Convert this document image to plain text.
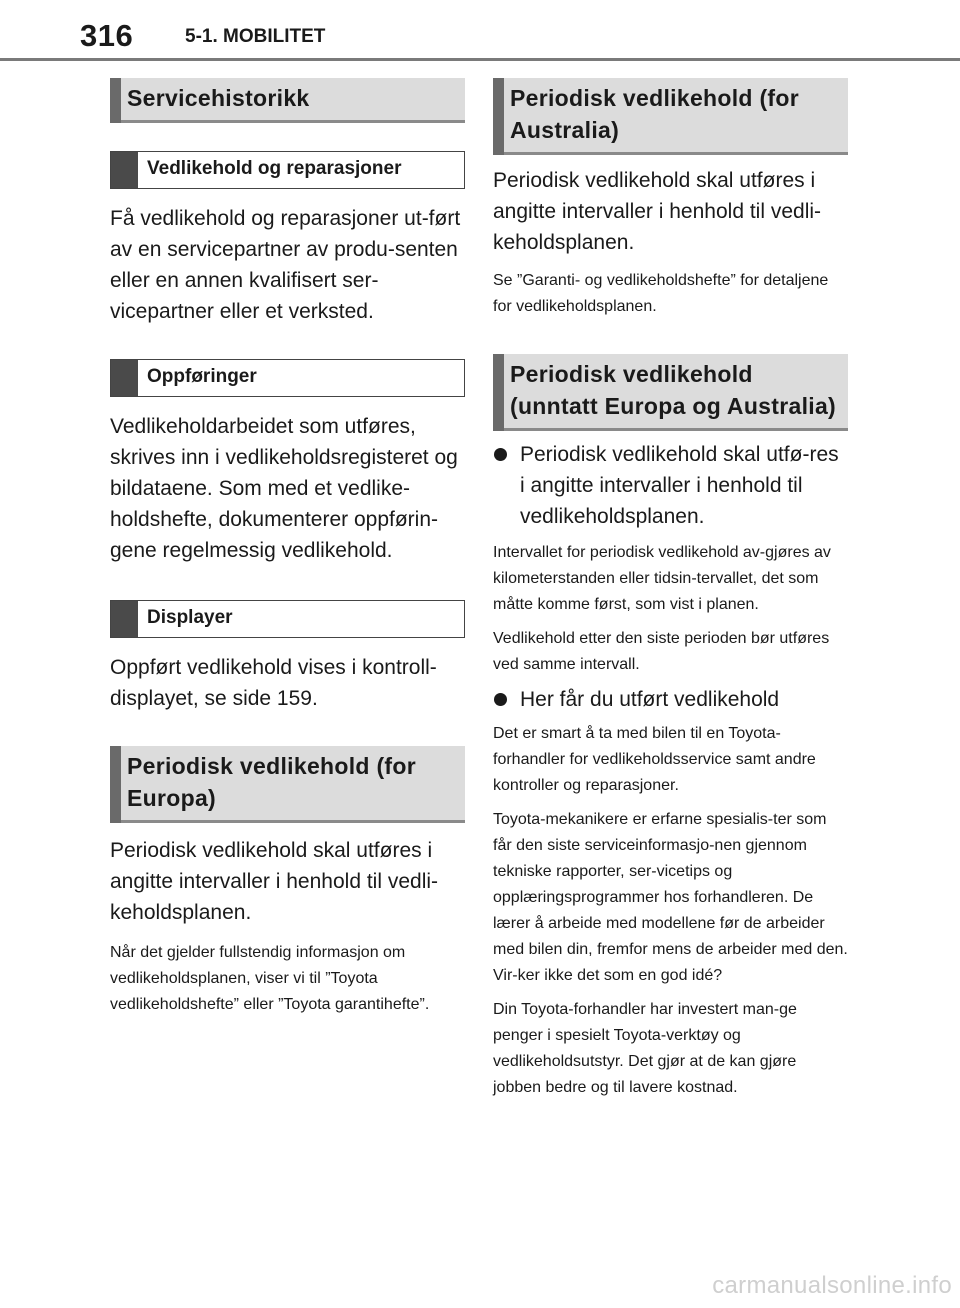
316	5-1. MOBILITET
Servicehistorikk
Vedlikehold og reparasjoner

Få vedlikehold og reparasjoner ut-ført av en servicepartner av produ-senten eller en annen kvalifisert ser-vicepartner eller et verksted.

Oppføringer

Vedlikeholdarbeidet som utføres, skrives inn i vedlikeholdsregisteret og bildataene. Som med et vedlike-holdshefte, dokumenterer oppførin-gene regelmessig vedlikehold.

Displayer

Oppført vedlikehold vises i kontroll-displayet, se side 159.

Periodisk vedlikehold (for Europa)

Periodisk vedlikehold skal utføres i angitte intervaller i henhold til vedli-keholdsplanen.

Når det gjelder fullstendig informasjon om vedlikeholdsplanen, viser vi til ”Toyota vedlikeholdshefte” eller ”Toyota garantihefte”.

Periodisk vedlikehold (for Australia)

Periodisk vedlikehold skal utføres i angitte intervaller i henhold til vedli-keholdsplanen.

Se ”Garanti- og vedlikeholdshefte” for detaljene for vedlikeholdsplanen.

Periodisk vedlikehold (unntatt Europa og Australia)

Periodisk vedlikehold skal utfø-res i angitte intervaller i henhold til vedlikeholdsplanen.

Intervallet for periodisk vedlikehold av-gjøres av kilometerstanden eller tidsin-tervallet, det som måtte komme først, som vist i planen.

Vedlikehold etter den siste perioden bør utføres ved samme intervall.

Her får du utført vedlikehold

Det er smart å ta med bilen til en Toyota-forhandler for vedlikeholdsservice samt andre kontroller og reparasjoner.

Toyota-mekanikere er erfarne spesialis-ter som får den siste serviceinformasjo-nen gjennom tekniske rapporter, ser-vicetips og opplæringsprogrammer hos forhandleren. De lærer å arbeide med modellene før de arbeider med bilen din, fremfor mens de arbeider med den. Vir-ker ikke det som en god idé?

Din Toyota-forhandler har investert man-ge penger i spesielt Toyota-verktøy og vedlikeholdsutstyr. Det gjør at de kan gjøre jobben bedre og til lavere kostnad.

carmanualsonline.info
